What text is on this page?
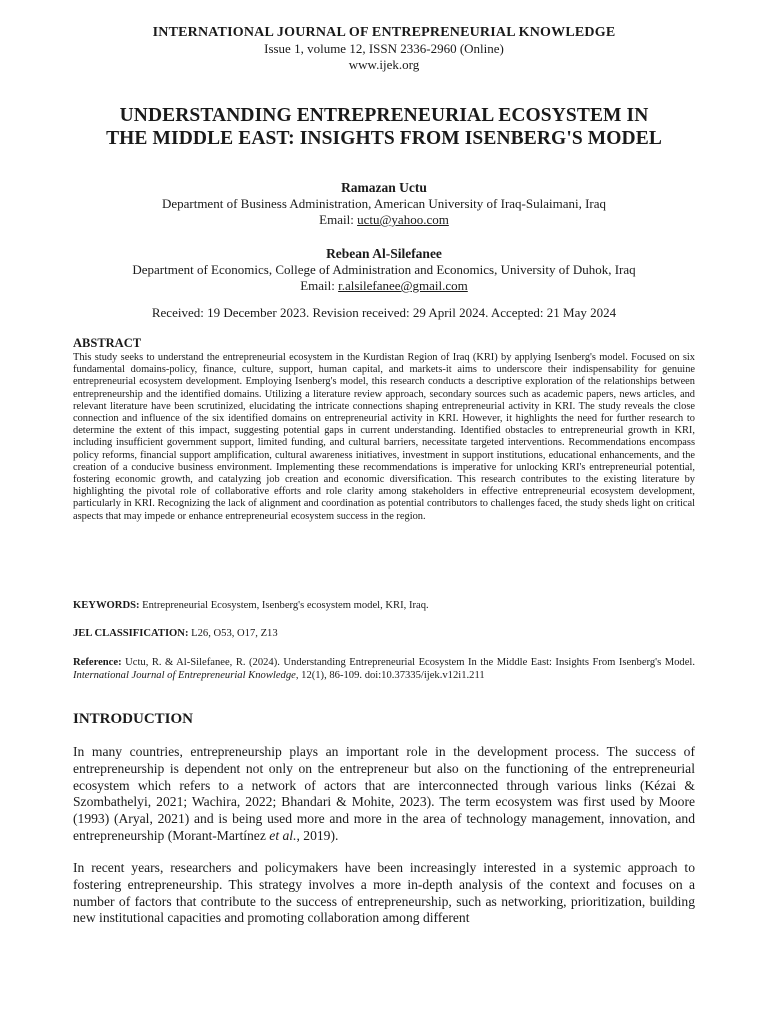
INTERNATIONAL JOURNAL OF ENTREPRENEURIAL KNOWLEDGE
Issue 1, volume 12, ISSN 2336-2960 (Online)
www.ijek.org
UNDERSTANDING ENTREPRENEURIAL ECOSYSTEM IN
THE MIDDLE EAST: INSIGHTS FROM ISENBERG'S MODEL
Ramazan Uctu
Department of Business Administration, American University of Iraq-Sulaimani, Iraq
Email: uctu@yahoo.com
Rebean Al-Silefanee
Department of Economics, College of Administration and Economics, University of Duhok, Iraq
Email: r.alsilefanee@gmail.com
Received: 19 December 2023. Revision received: 29 April 2024. Accepted: 21 May 2024
ABSTRACT

This study seeks to understand the entrepreneurial ecosystem in the Kurdistan Region of Iraq (KRI) by applying Isenberg's model. Focused on six fundamental domains-policy, finance, culture, support, human capital, and markets-it aims to underscore their indispensability for genuine entrepreneurial ecosystem development. Employing Isenberg's model, this research conducts a descriptive exploration of the relationships between entrepreneurship and the identified domains. Utilizing a literature review approach, secondary sources such as academic papers, news articles, and relevant literature have been scrutinized, elucidating the intricate connections shaping entrepreneurial activity in KRI. The study reveals the close connection and influence of the six identified domains on entrepreneurial activity in KRI. However, it highlights the need for further research to determine the extent of this impact, suggesting potential gaps in current understanding. Identified obstacles to entrepreneurial growth in KRI, including insufficient government support, limited funding, and cultural barriers, necessitate targeted interventions. Recommendations encompass policy reforms, financial support amplification, cultural awareness initiatives, investment in support institutions, educational enhancements, and the creation of a conducive business environment. Implementing these recommendations is imperative for unlocking KRI's entrepreneurial potential, fostering economic growth, and catalyzing job creation and economic diversification. This research contributes to the existing literature by highlighting the pivotal role of collaborative efforts and role clarity among stakeholders in effective entrepreneurial ecosystem development, particularly in KRI. Recognizing the lack of alignment and coordination as potential contributors to challenges faced, the study sheds light on critical aspects that may impede or enhance entrepreneurial ecosystem success in the region.

KEYWORDS: Entrepreneurial Ecosystem, Isenberg's ecosystem model, KRI, Iraq.
JEL CLASSIFICATION: L26, O53, O17, Z13
Reference: Uctu, R. & Al-Silefanee, R. (2024). Understanding Entrepreneurial Ecosystem In the Middle East: Insights From Isenberg's Model. International Journal of Entrepreneurial Knowledge, 12(1), 86-109. doi:10.37335/ijek.v12i1.211
INTRODUCTION

In many countries, entrepreneurship plays an important role in the development process. The success of entrepreneurship is dependent not only on the entrepreneur but also on the functioning of the entrepreneurial ecosystem which refers to a network of actors that are interconnected through various links (Kézai & Szombathelyi, 2021; Wachira, 2022; Bhandari & Mohite, 2023). The term ecosystem was first used by Moore (1993) (Aryal, 2021) and is being used more and more in the area of technology management, innovation, and entrepreneurship (Morant-Martínez et al., 2019).

In recent years, researchers and policymakers have been increasingly interested in a systemic approach to fostering entrepreneurship. This strategy involves a more in-depth analysis of the context and focuses on a number of factors that contribute to the success of entrepreneurship, such as networking, prioritization, building new institutional capacities and promoting collaboration among different
